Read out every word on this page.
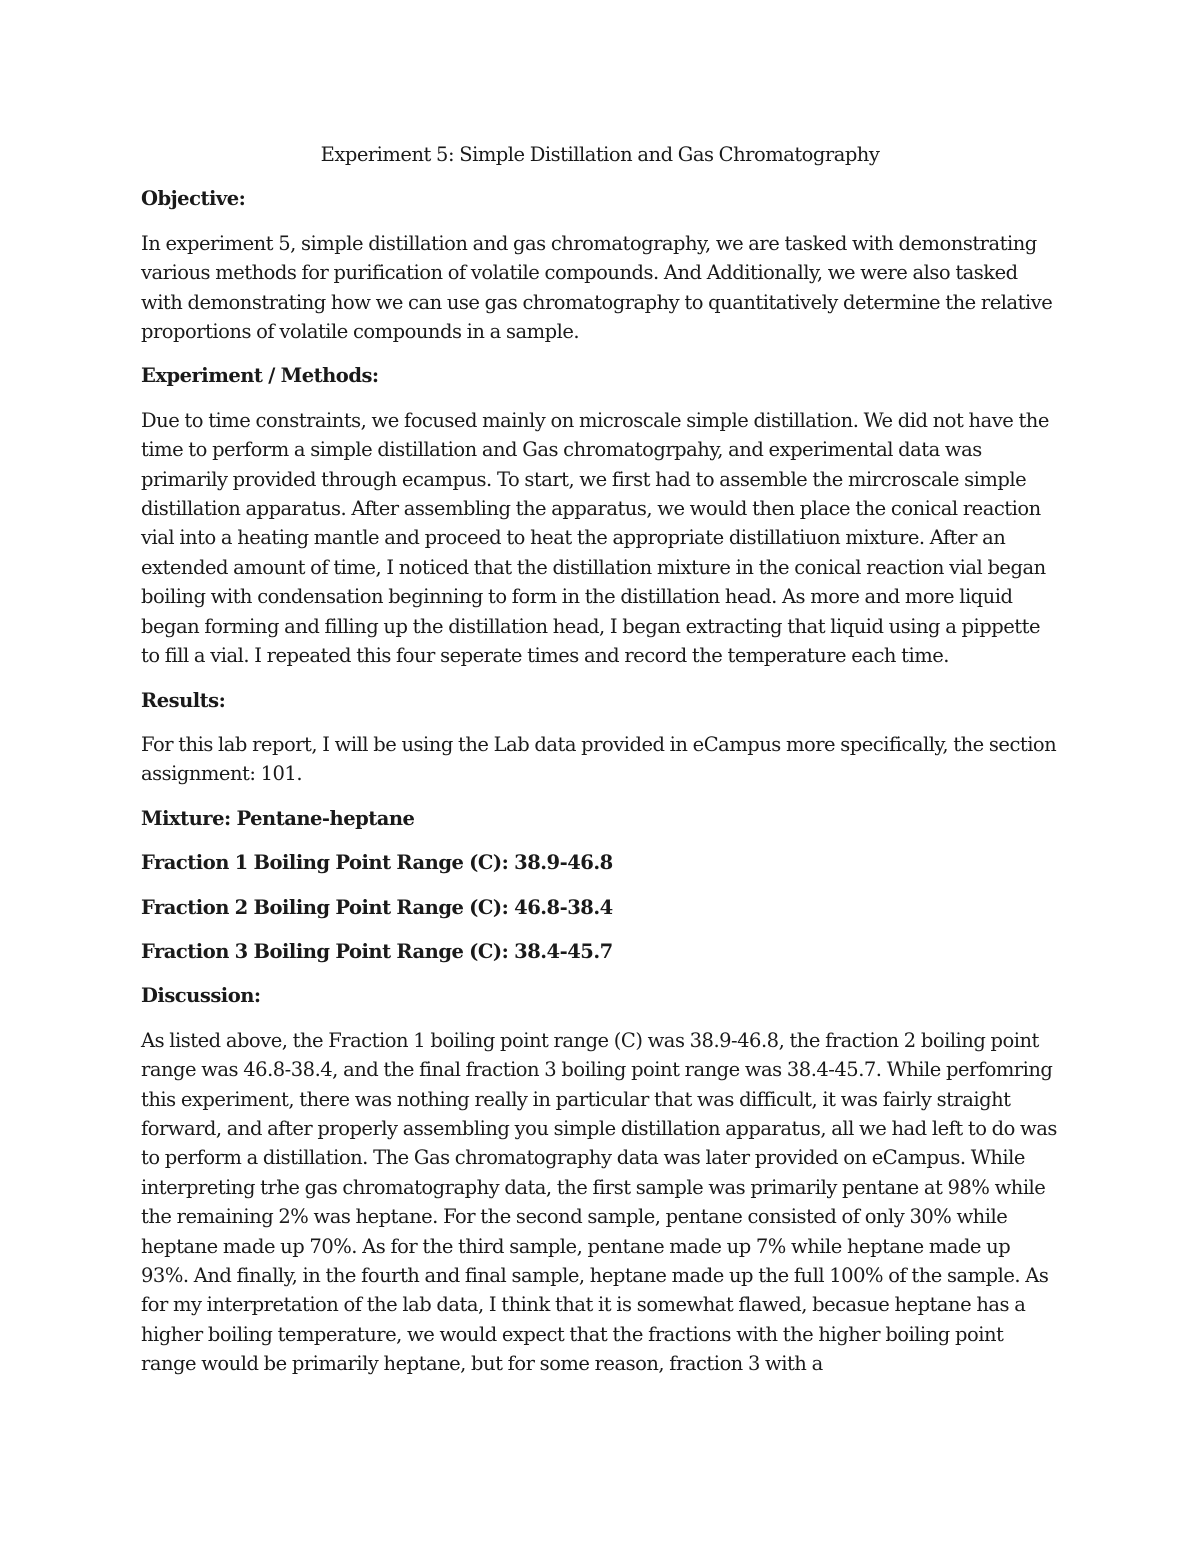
Experiment 5: Simple Distillation and Gas Chromatography
Objective:

In experiment 5, simple distillation and gas chromatography, we are tasked with demonstrating various methods for purification of volatile compounds. And Additionally, we were also tasked with demonstrating how we can use gas chromatography to quantitatively determine the relative proportions of volatile compounds in a sample.

Experiment / Methods:

Due to time constraints, we focused mainly on microscale simple distillation. We did not have the time to perform a simple distillation and Gas chromatogrpahy, and experimental data was primarily provided through ecampus. To start, we first had to assemble the mircroscale simple distillation apparatus. After assembling the apparatus, we would then place the conical reaction vial into a heating mantle and proceed to heat the appropriate distillatiuon mixture. After an extended amount of time, I noticed that the distillation mixture in the conical reaction vial began boiling with condensation beginning to form in the distillation head. As more and more liquid began forming and filling up the distillation head, I began extracting that liquid using a pippette to fill a vial. I repeated this four seperate times and record the temperature each time.

Results:

For this lab report, I will be using the Lab data provided in eCampus more specifically, the section assignment: 101.

Mixture: Pentane-heptane
Fraction 1 Boiling Point Range (C): 38.9-46.8
Fraction 2 Boiling Point Range (C): 46.8-38.4
Fraction 3 Boiling Point Range (C): 38.4-45.7
Discussion:

As listed above, the Fraction 1 boiling point range (C) was 38.9-46.8, the fraction 2 boiling point range was 46.8-38.4, and the final fraction 3 boiling point range was 38.4-45.7. While perfomring this experiment, there was nothing really in particular that was difficult, it was fairly straight forward, and after properly assembling you simple distillation apparatus, all we had left to do was to perform a distillation. The Gas chromatography data was later provided on eCampus. While interpreting trhe gas chromatography data, the first sample was primarily pentane at 98% while the remaining 2% was heptane. For the second sample, pentane consisted of only 30% while heptane made up 70%. As for the third sample, pentane made up 7% while heptane made up 93%. And finally, in the fourth and final sample, heptane made up the full 100% of the sample. As for my interpretation of the lab data, I think that it is somewhat flawed, becasue heptane has a higher boiling temperature, we would expect that the fractions with the higher boiling point range would be primarily heptane, but for some reason, fraction 3 with a
